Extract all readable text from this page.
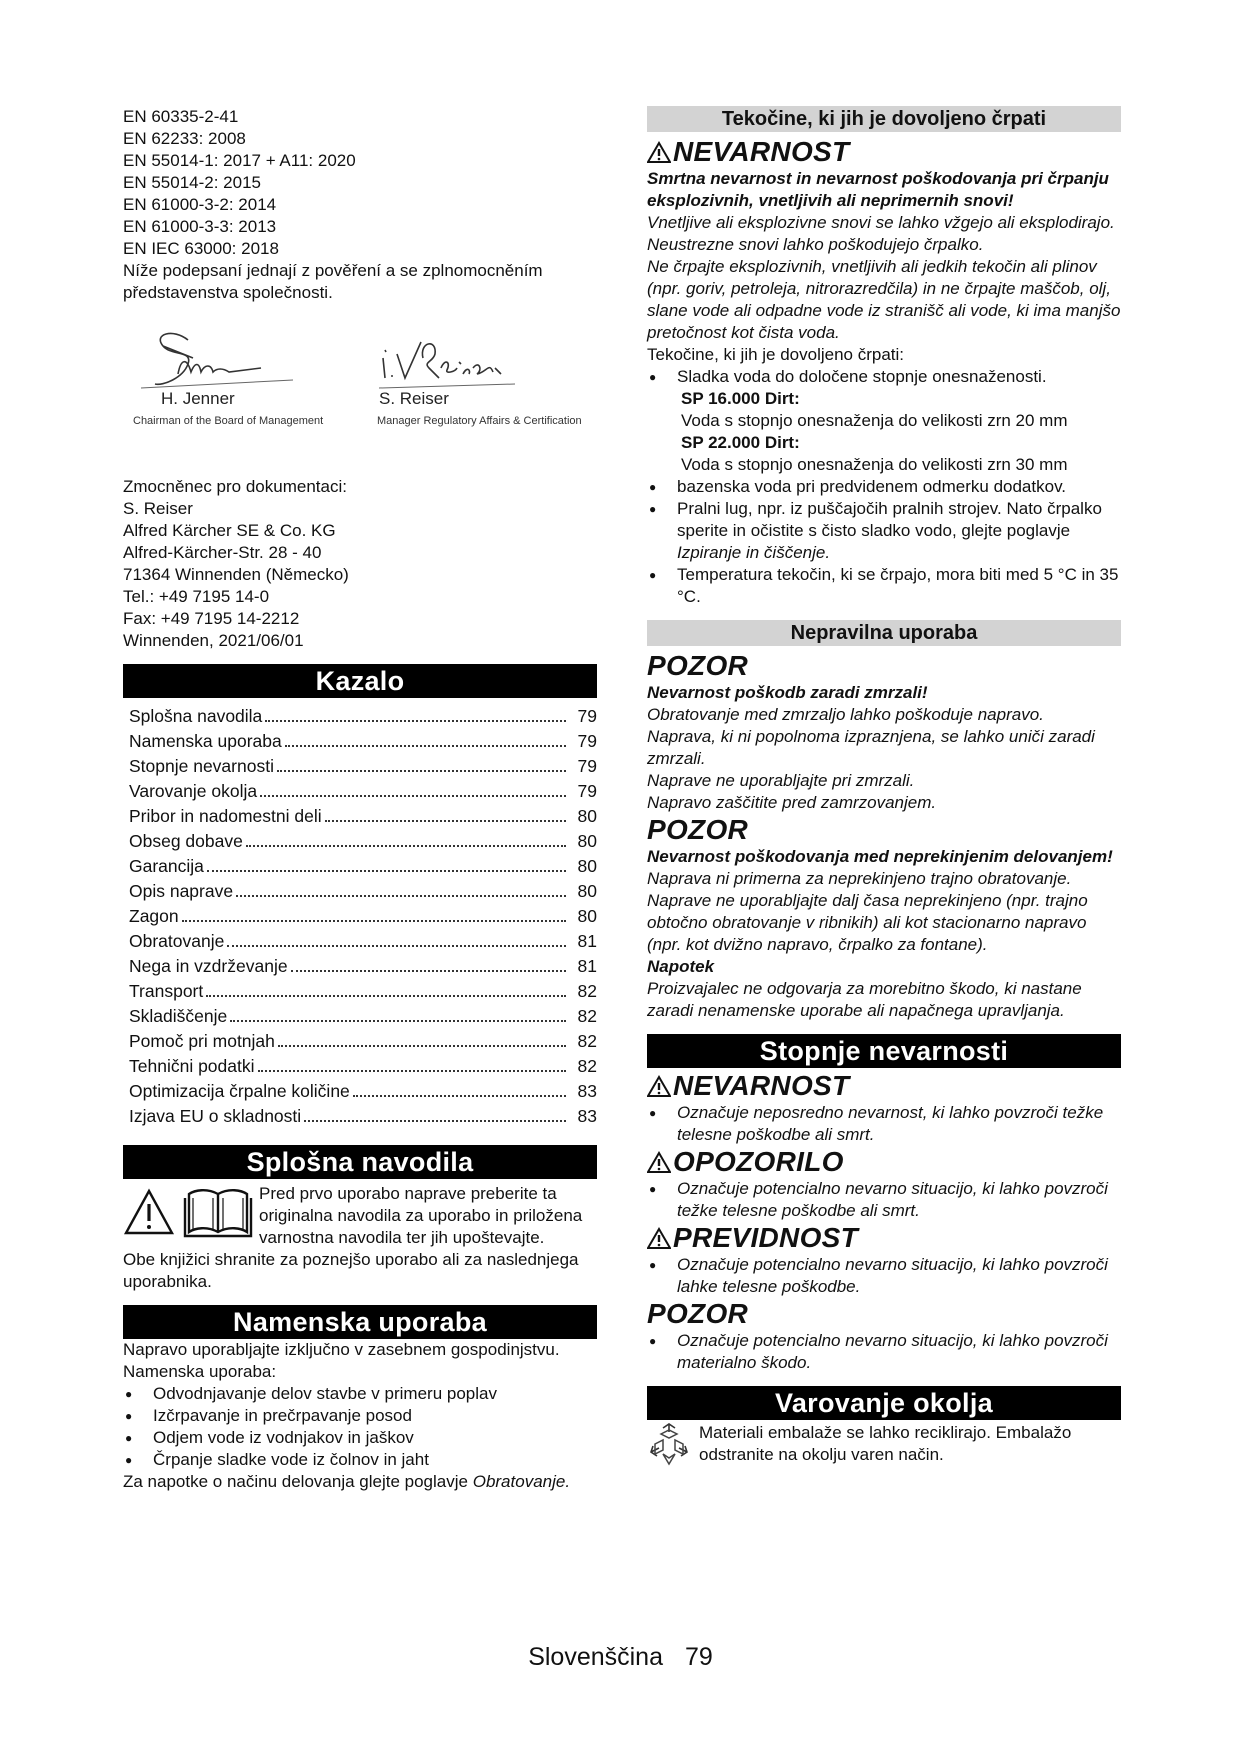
EN 60335-2-41

EN 62233: 2008

EN 55014-1: 2017 + A11: 2020

EN 55014-2: 2015

EN 61000-3-2: 2014

EN 61000-3-3: 2013

EN IEC 63000: 2018

Níže podepsaní jednají z pověření a se zplnomocněním představenstva společnosti.

H. Jenner
Chairman of the Board of Management
S. Reiser
Manager Regulatory Affairs & Certification

Zmocněnec pro dokumentaci:

S. Reiser

Alfred Kärcher SE & Co. KG

Alfred-Kärcher-Str. 28 - 40

71364 Winnenden (Německo)

Tel.: +49 7195 14-0

Fax: +49 7195 14-2212

Winnenden, 2021/06/01

Kazalo
Splošna navodila	79
Namenska uporaba	79
Stopnje nevarnosti	79
Varovanje okolja	79
Pribor in nadomestni deli	80
Obseg dobave	80
Garancija	80
Opis naprave	80
Zagon	80
Obratovanje	81
Nega in vzdrževanje	81
Transport	82
Skladiščenje	82
Pomoč pri motnjah	82
Tehnični podatki	82
Optimizacija črpalne količine	83
Izjava EU o skladnosti	83
Splošna navodila

Pred prvo uporabo naprave preberite ta originalna navodila za uporabo in priložena varnostna navodila ter jih upoštevajte.

Obe knjižici shranite za poznejšo uporabo ali za naslednjega uporabnika.

Namenska uporaba

Napravo uporabljajte izključno v zasebnem gospodinjstvu.

Namenska uporaba:

● Odvodnjavanje delov stavbe v primeru poplav
● Izčrpavanje in prečrpavanje posod
● Odjem vode iz vodnjakov in jaškov
● Črpanje sladke vode iz čolnov in jaht

Za napotke o načinu delovanja glejte poglavje Obratovanje.

Tekočine, ki jih je dovoljeno črpati
NEVARNOST

Smrtna nevarnost in nevarnost poškodovanja pri črpanju eksplozivnih, vnetljivih ali neprimernih snovi!

Vnetljive ali eksplozivne snovi se lahko vžgejo ali eksplodirajo.

Neustrezne snovi lahko poškodujejo črpalko.

Ne črpajte eksplozivnih, vnetljivih ali jedkih tekočin ali plinov (npr. goriv, petroleja, nitrorazredčila) in ne črpajte maščob, olj, slane vode ali odpadne vode iz stranišč ali vode, ki ima manjšo pretočnost kot čista voda.

Tekočine, ki jih je dovoljeno črpati:

● Sladka voda do določene stopnje onesnaženosti.
SP 16.000 Dirt:
Voda s stopnjo onesnaženja do velikosti zrn 20 mm
SP 22.000 Dirt:
Voda s stopnjo onesnaženja do velikosti zrn 30 mm
● bazenska voda pri predvidenem odmerku dodatkov.
● Pralni lug, npr. iz puščajočih pralnih strojev. Nato črpalko sperite in očistite s čisto sladko vodo, glejte poglavje Izpiranje in čiščenje.
● Temperatura tekočin, ki se črpajo, mora biti med 5 °C in 35 °C.
Nepravilna uporaba
POZOR

Nevarnost poškodb zaradi zmrzali!

Obratovanje med zmrzaljo lahko poškoduje napravo.

Naprava, ki ni popolnoma izpraznjena, se lahko uniči zaradi zmrzali.

Naprave ne uporabljajte pri zmrzali.

Napravo zaščitite pred zamrzovanjem.

POZOR

Nevarnost poškodovanja med neprekinjenim delovanjem!

Naprava ni primerna za neprekinjeno trajno obratovanje.

Naprave ne uporabljajte dalj časa neprekinjeno (npr. trajno obtočno obratovanje v ribnikih) ali kot stacionarno napravo (npr. kot dvižno napravo, črpalko za fontane).

Napotek

Proizvajalec ne odgovarja za morebitno škodo, ki nastane zaradi nenamenske uporabe ali napačnega upravljanja.

Stopnje nevarnosti
NEVARNOST
● Označuje neposredno nevarnost, ki lahko povzroči težke telesne poškodbe ali smrt.
OPOZORILO
● Označuje potencialno nevarno situacijo, ki lahko povzroči težke telesne poškodbe ali smrt.
PREVIDNOST
● Označuje potencialno nevarno situacijo, ki lahko povzroči lahke telesne poškodbe.
POZOR
● Označuje potencialno nevarno situacijo, ki lahko povzroči materialno škodo.
Varovanje okolja

Materiali embalaže se lahko reciklirajo. Embalažo odstranite na okolju varen način.

Slovenščina 79
